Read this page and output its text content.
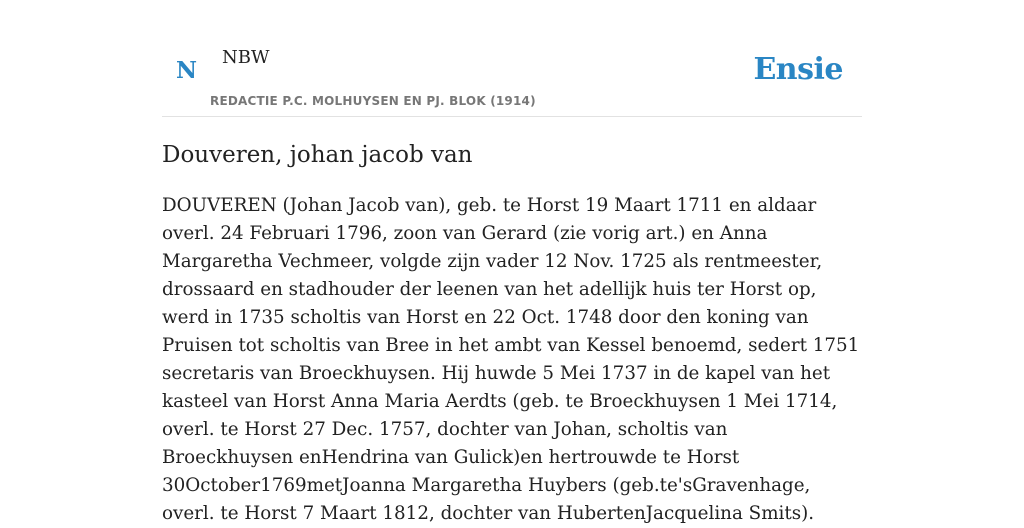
N NBW
REDACTIE P.C. MOLHUYSEN EN PJ. BLOK (1914)
Ensie
Douveren, johan jacob van

DOUVEREN (Johan Jacob van), geb. te Horst 19 Maart 1711 en aldaar overl. 24 Februari 1796, zoon van Gerard (zie vorig art.) en Anna Margaretha Vechmeer, volgde zijn vader 12 Nov. 1725 als rentmeester, drossaard en stadhouder der leenen van het adellijk huis ter Horst op, werd in 1735 scholtis van Horst en 22 Oct. 1748 door den koning van Pruisen tot scholtis van Bree in het ambt van Kessel benoemd, sedert 1751 secretaris van Broeckhuysen. Hij huwde 5 Mei 1737 in de kapel van het kasteel van Horst Anna Maria Aerdts (geb. te Broeckhuysen 1 Mei 1714, overl. te Horst 27 Dec. 1757, dochter van Johan, scholtis van Broeckhuysen enHendrina van Gulick)en hertrouwde te Horst 30October1769metJoanna Margaretha Huybers (geb.te'sGravenhage, overl. te Horst 7 Maart 1812, dochter van HubertenJacquelina Smits).
